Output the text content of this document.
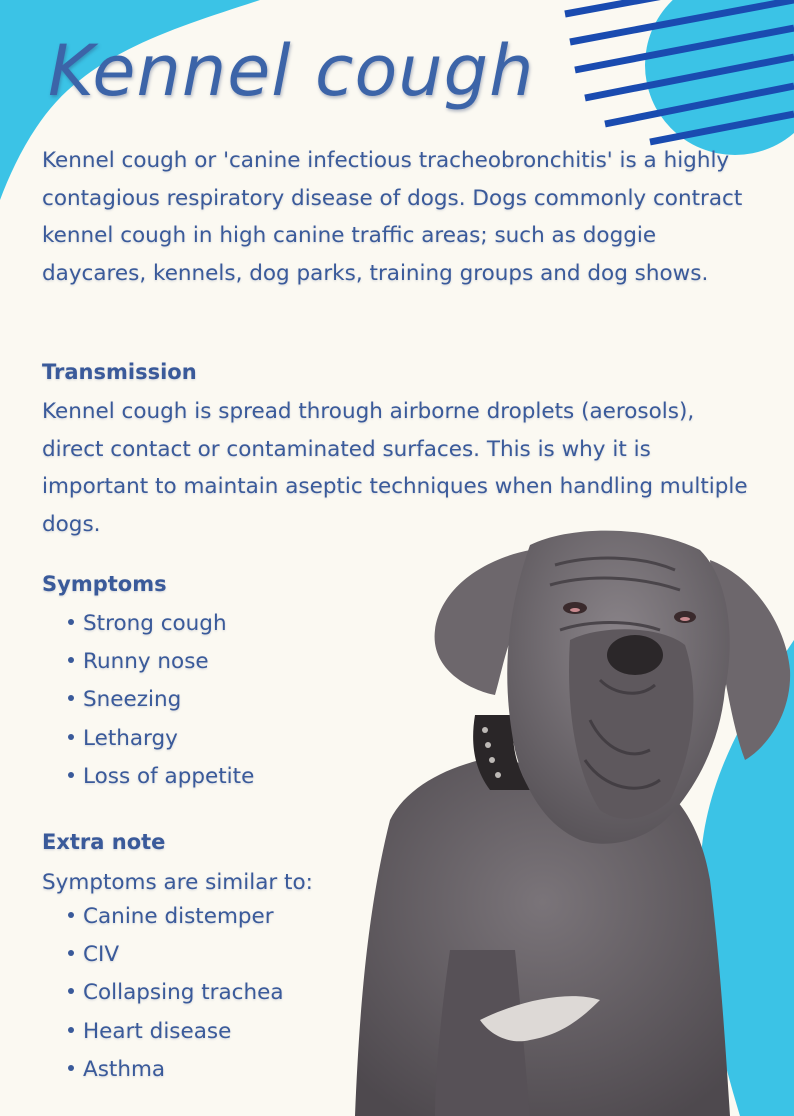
Kennel cough

Kennel cough or 'canine infectious tracheobronchitis' is a highly contagious respiratory disease of dogs. Dogs commonly contract kennel cough in high canine traffic areas; such as doggie daycares, kennels, dog parks, training groups and dog shows.

Transmission

Kennel cough is spread through airborne droplets (aerosols), direct contact or contaminated surfaces. This is why it is important to maintain aseptic techniques when handling multiple dogs.

Symptoms
Strong cough
Runny nose
Sneezing
Lethargy
Loss of appetite
Extra note

Symptoms are similar to:

Canine distemper
CIV
Collapsing trachea
Heart disease
Asthma
